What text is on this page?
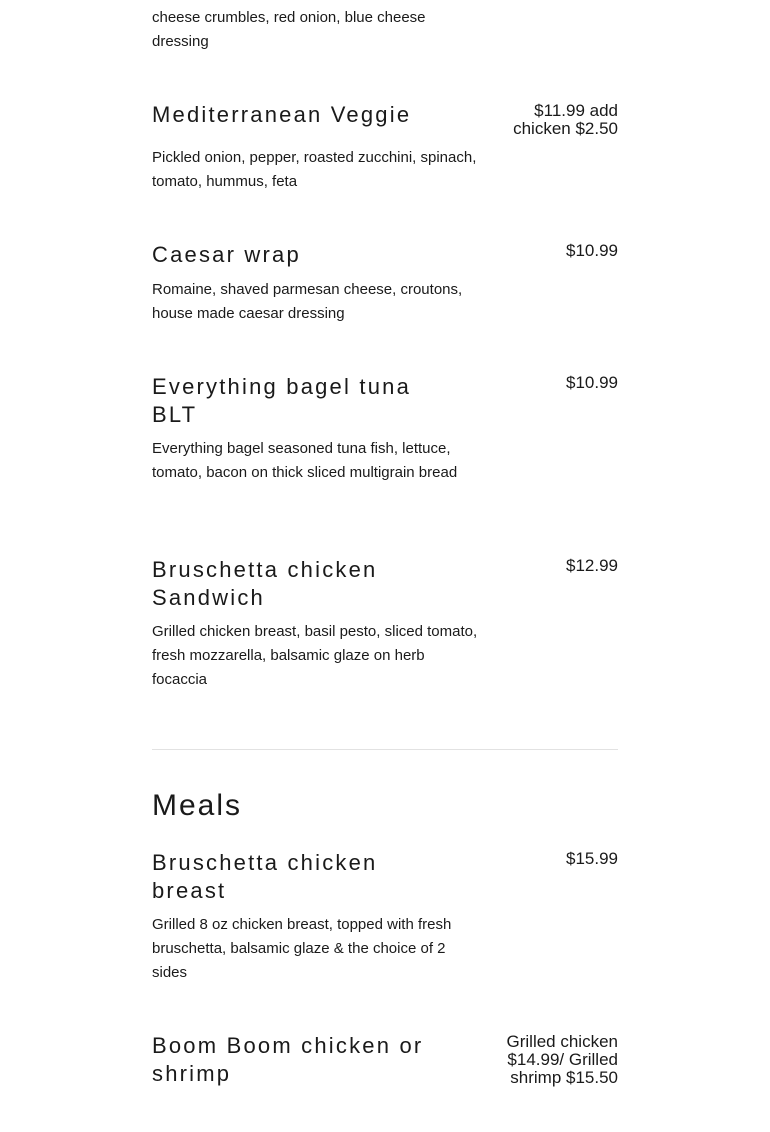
cheese crumbles, red onion, blue cheese dressing

Mediterranean Veggie	$11.99 add chicken $2.50

Pickled onion, pepper, roasted zucchini, spinach, tomato, hummus, feta

Caesar wrap	$10.99

Romaine, shaved parmesan cheese, croutons, house made caesar dressing

Everything bagel tuna BLT

$10.99

Everything bagel seasoned tuna fish, lettuce, tomato, bacon on thick sliced multigrain bread

Bruschetta chicken Sandwich

$12.99

Grilled chicken breast, basil pesto, sliced tomato, fresh mozzarella, balsamic glaze on herb focaccia

Meals
Bruschetta chicken breast

$15.99

Grilled 8 oz chicken breast, topped with fresh bruschetta, balsamic glaze & the choice of 2 sides

Boom Boom chicken or shrimp

Grilled chicken $14.99/ Grilled shrimp $15.50
